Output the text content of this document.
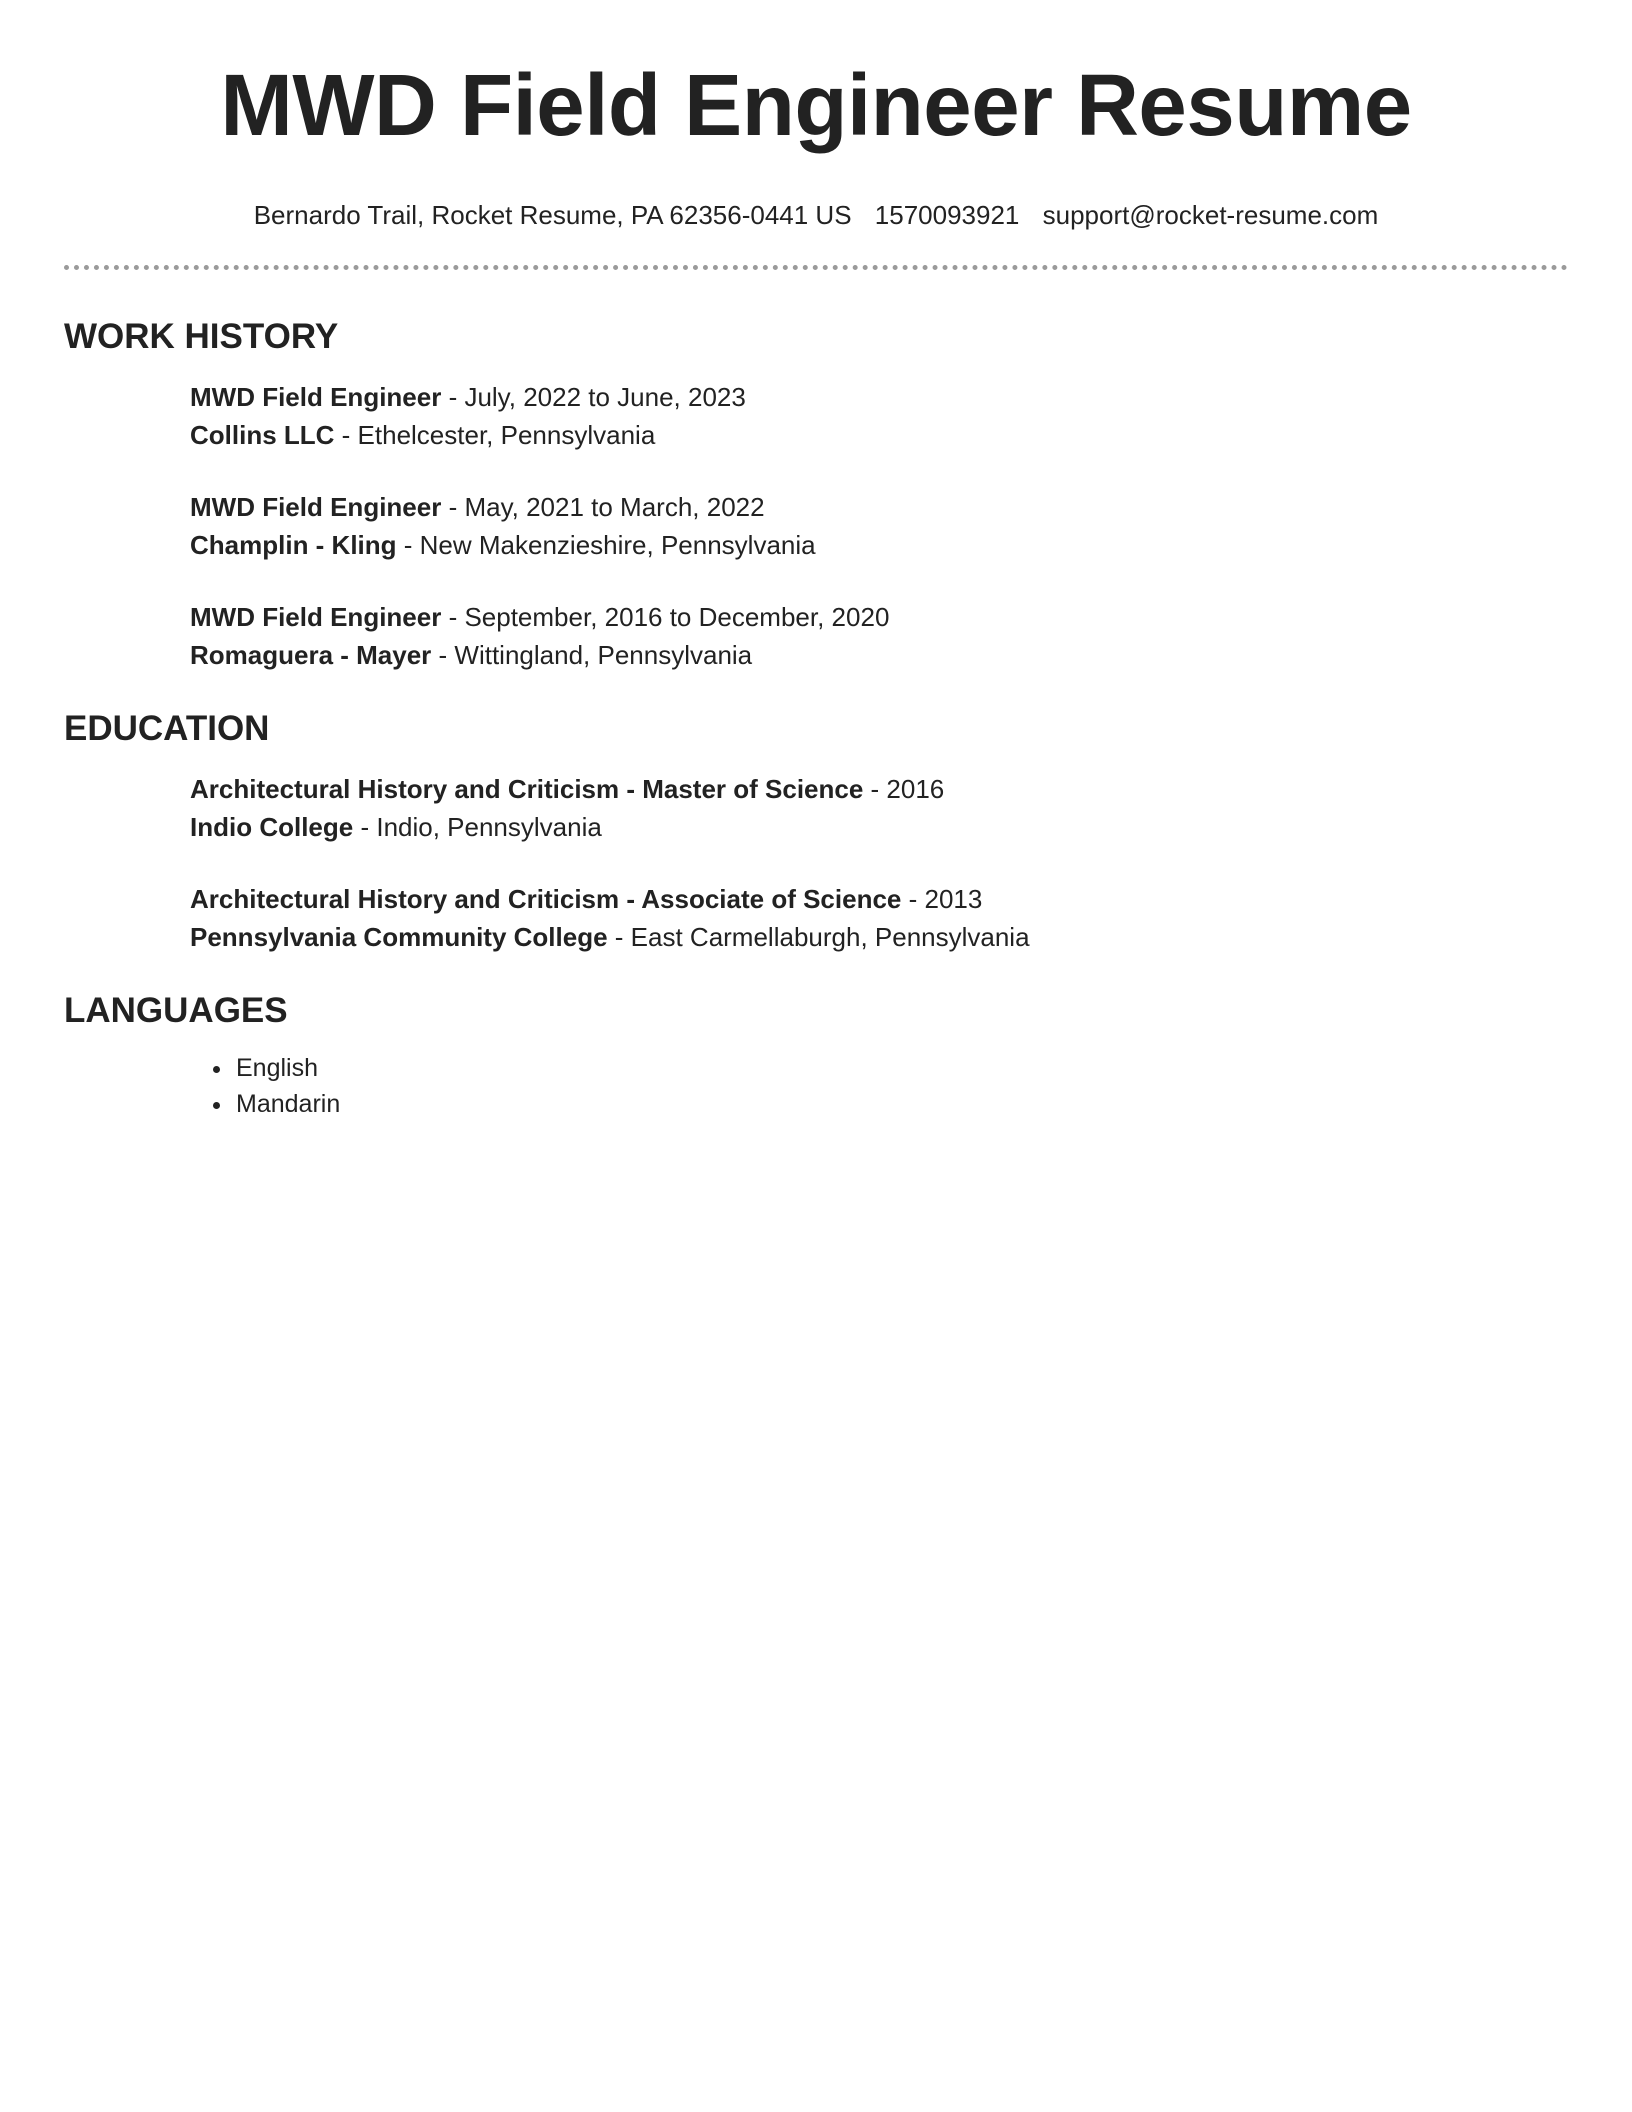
MWD Field Engineer Resume
Bernardo Trail, Rocket Resume, PA 62356-0441 US 1570093921 support@rocket-resume.com
WORK HISTORY
MWD Field Engineer - July, 2022 to June, 2023
Collins LLC - Ethelcester, Pennsylvania
MWD Field Engineer - May, 2021 to March, 2022
Champlin - Kling - New Makenzieshire, Pennsylvania
MWD Field Engineer - September, 2016 to December, 2020
Romaguera - Mayer - Wittingland, Pennsylvania
EDUCATION
Architectural History and Criticism - Master of Science - 2016
Indio College - Indio, Pennsylvania
Architectural History and Criticism - Associate of Science - 2013
Pennsylvania Community College - East Carmellaburgh, Pennsylvania
LANGUAGES
• English
• Mandarin
